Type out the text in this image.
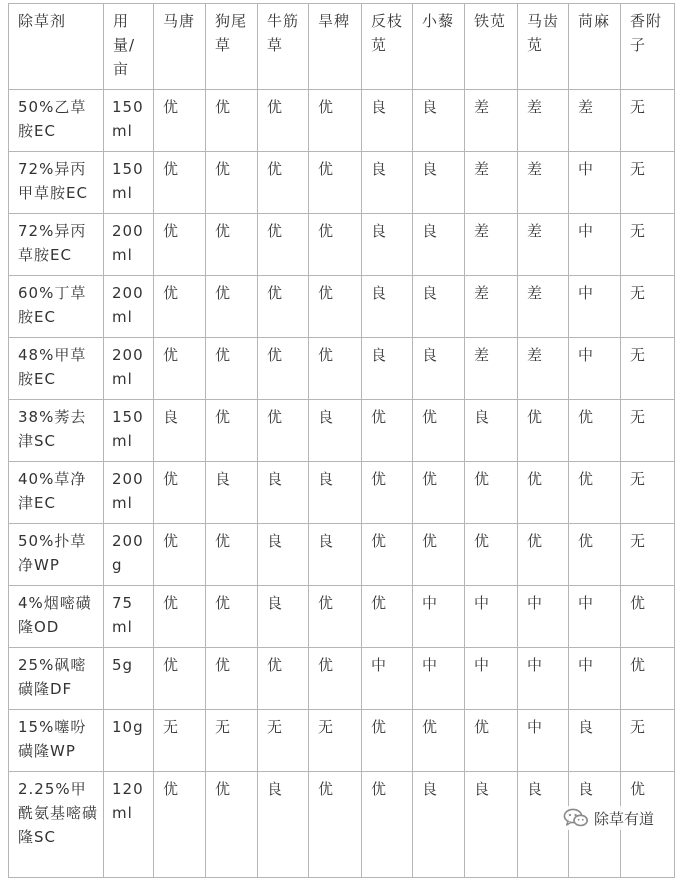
除草剂	用量/亩	马唐	狗尾草	牛筋草	旱稗	反枝苋	小藜	铁苋	马齿苋	苘麻	香附子
50%乙草胺EC	150ml	优	优	优	优	良	良	差	差	差	无
72%异丙甲草胺EC	150ml	优	优	优	优	良	良	差	差	中	无
72%异丙草胺EC	200ml	优	优	优	优	良	良	差	差	中	无
60%丁草胺EC	200ml	优	优	优	优	良	良	差	差	中	无
48%甲草胺EC	200ml	优	优	优	优	良	良	差	差	中	无
38%莠去津SC	150ml	良	优	优	良	优	优	良	优	优	无
40%草净津EC	200ml	优	良	良	良	优	优	优	优	优	无
50%扑草净WP	200g	优	优	良	良	优	优	优	优	优	无
4%烟嘧磺隆OD	75ml	优	优	良	优	优	中	中	中	中	优
25%砜嘧磺隆DF	5g	优	优	优	优	中	中	中	中	中	优
15%噻吩磺隆WP	10g	无	无	无	无	优	优	优	中	良	无
2.25%甲酰氨基嘧磺隆SC	120ml	优	优	良	优	优	良	良	良	良	优
除草有道
